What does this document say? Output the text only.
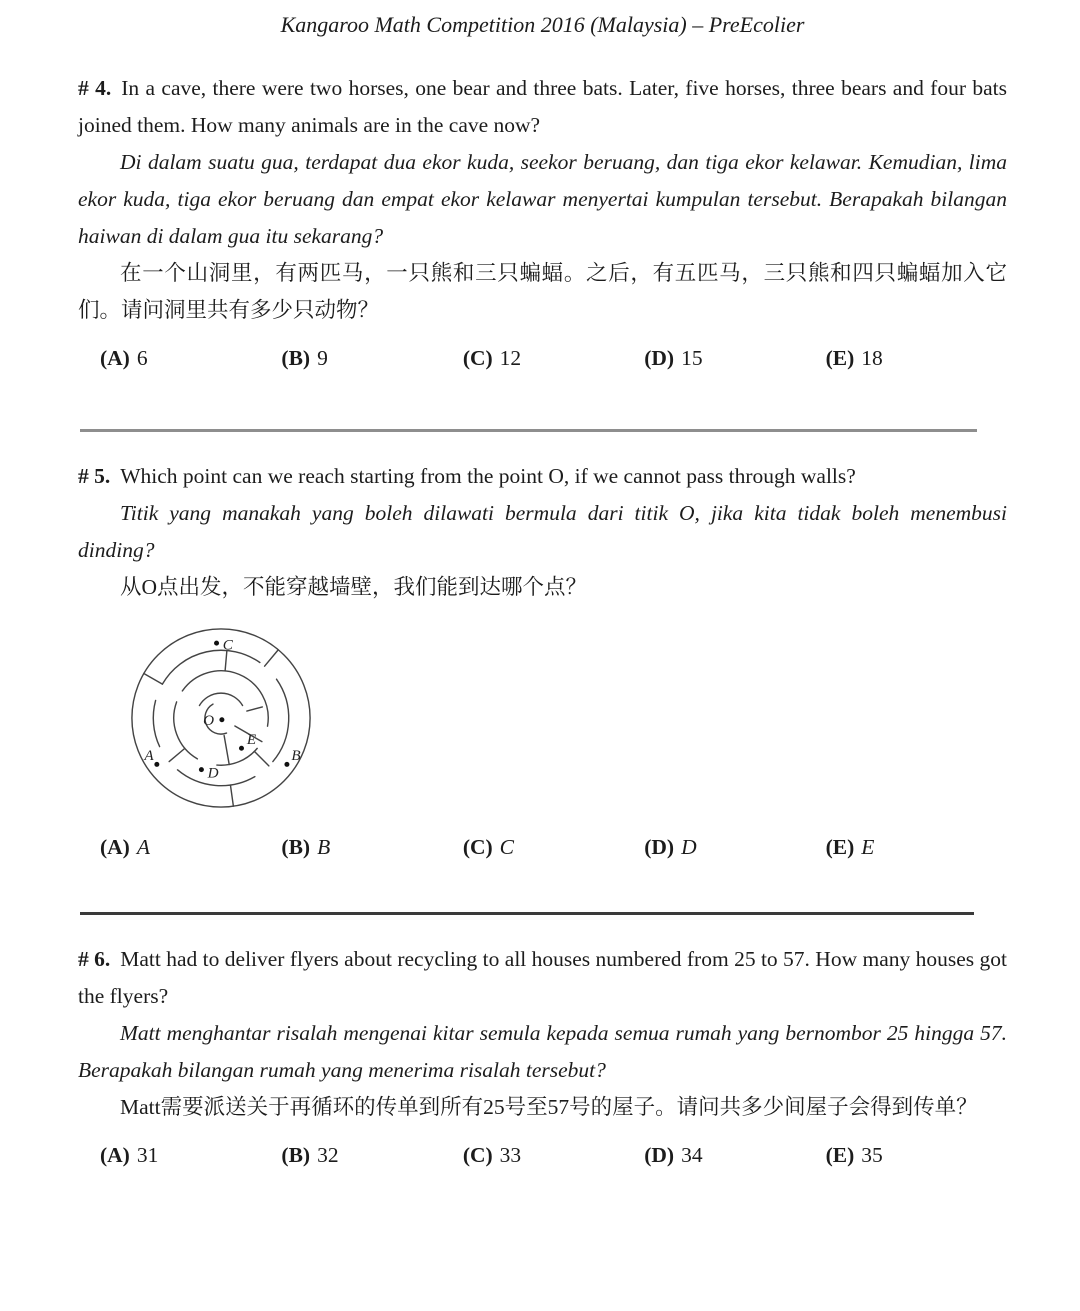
Kangaroo Math Competition 2016 (Malaysia) – PreEcolier

# 4. In a cave, there were two horses, one bear and three bats. Later, five horses, three bears and four bats joined them. How many animals are in the cave now?

Di dalam suatu gua, terdapat dua ekor kuda, seekor beruang, dan tiga ekor kelawar. Kemudian, lima ekor kuda, tiga ekor beruang dan empat ekor kelawar menyertai kumpulan tersebut. Berapakah bilangan haiwan di dalam gua itu sekarang?

在一个山洞里，有两匹马，一只熊和三只蝙蝠。之后，有五匹马，三只熊和四只蝙蝠加入它们。请问洞里共有多少只动物？

(A) 6	(B) 9	(C) 12	(D) 15	(E) 18

# 5. Which point can we reach starting from the point O, if we cannot pass through walls?

Titik yang manakah yang boleh dilawati bermula dari titik O, jika kita tidak boleh menembusi dinding?

从O点出发，不能穿越墙壁，我们能到达哪个点？

O
C
A	B
D
E
(A) A	(B) B	(C) C	(D) D	(E) E

# 6. Matt had to deliver flyers about recycling to all houses numbered from 25 to 57. How many houses got the flyers?

Matt menghantar risalah mengenai kitar semula kepada semua rumah yang bernombor 25 hingga 57. Berapakah bilangan rumah yang menerima risalah tersebut?

Matt需要派送关于再循环的传单到所有25号至57号的屋子。请问共多少间屋子会得到传单？

(A) 31	(B) 32	(C) 33	(D) 34	(E) 35
